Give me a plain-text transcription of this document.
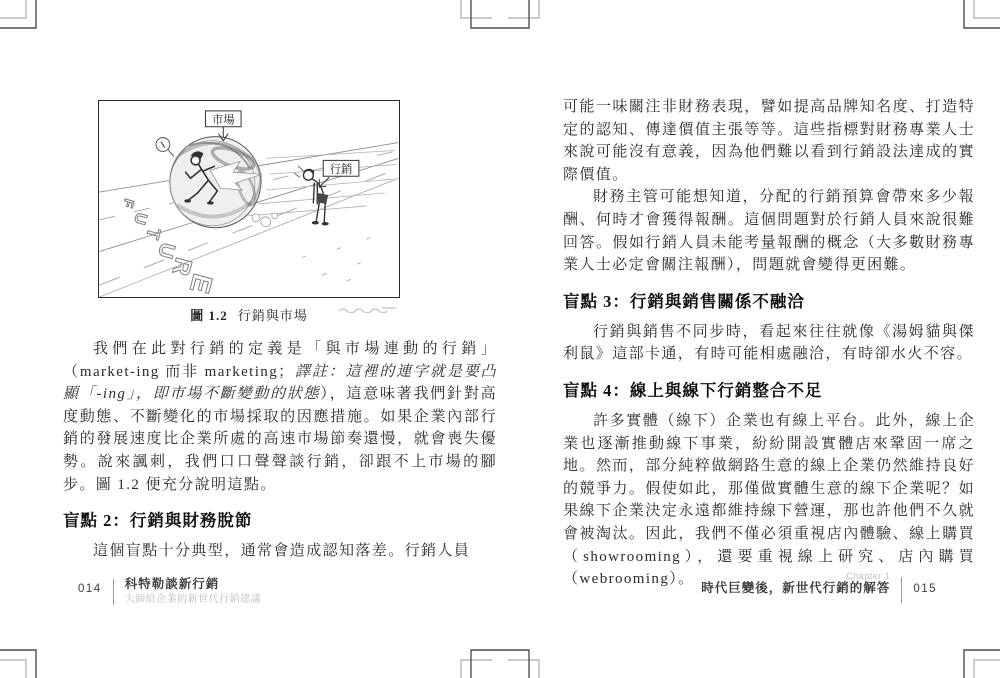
F
U
T
U
R
E
市場
行銷
圖 1.2 行銷與市場

我們在此對行銷的定義是「與市場連動的行銷」（market-ing 而非 marketing；譯註：這裡的連字就是要凸顯「-ing」，即市場不斷變動的狀態），這意味著我們針對高度動態、不斷變化的市場採取的因應措施。如果企業內部行銷的發展速度比企業所處的高速市場節奏還慢，就會喪失優勢。說來諷刺，我們口口聲聲談行銷，卻跟不上市場的腳步。圖 1.2 便充分說明這點。

盲點 2：行銷與財務脫節

這個盲點十分典型，通常會造成認知落差。行銷人員

014 科特勒談新行銷
大師給企業的新世代行銷建議

可能一味關注非財務表現，譬如提高品牌知名度、打造特定的認知、傳達價值主張等等。這些指標對財務專業人士來說可能沒有意義，因為他們難以看到行銷設法達成的實際價值。

財務主管可能想知道，分配的行銷預算會帶來多少報酬、何時才會獲得報酬。這個問題對於行銷人員來說很難回答。假如行銷人員未能考量報酬的概念（大多數財務專業人士必定會關注報酬），問題就會變得更困難。

盲點 3：行銷與銷售關係不融洽

行銷與銷售不同步時，看起來往往就像《湯姆貓與傑利鼠》這部卡通，有時可能相處融洽，有時卻水火不容。

盲點 4：線上與線下行銷整合不足

許多實體（線下）企業也有線上平台。此外，線上企業也逐漸推動線下事業，紛紛開設實體店來鞏固一席之地。然而，部分純粹做網路生意的線上企業仍然維持良好的競爭力。假使如此，那僅做實體生意的線下企業呢？如果線下企業決定永遠都維持線下營運，那也許他們不久就會被淘汰。因此，我們不僅必須重視店內體驗、線上購買（showrooming），還要重視線上研究、店內購買（webrooming）。	Chapter 1
時代巨變後，新世代行銷的解答 015
